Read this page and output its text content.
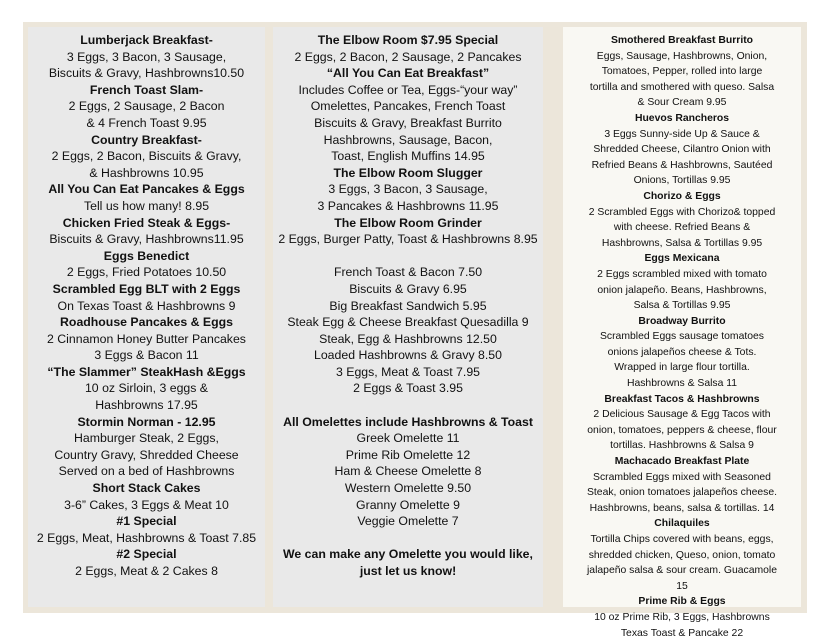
Lumberjack Breakfast-
3 Eggs, 3 Bacon, 3 Sausage,
Biscuits & Gravy, Hashbrowns10.50
French Toast Slam-
2 Eggs, 2 Sausage, 2 Bacon
& 4 French Toast 9.95
Country Breakfast-
2 Eggs, 2 Bacon, Biscuits & Gravy,
& Hashbrowns 10.95
All You Can Eat Pancakes & Eggs
Tell us how many! 8.95
Chicken Fried Steak & Eggs-
Biscuits & Gravy, Hashbrowns11.95
Eggs Benedict
2 Eggs, Fried Potatoes 10.50
Scrambled Egg BLT with 2 Eggs
On Texas Toast & Hashbrowns 9
Roadhouse Pancakes & Eggs
2 Cinnamon Honey Butter Pancakes
3 Eggs & Bacon 11
“The Slammer” SteakHash &Eggs
10 oz Sirloin, 3 eggs &
Hashbrowns 17.95
Stormin Norman - 12.95
Hamburger Steak, 2 Eggs,
Country Gravy, Shredded Cheese
Served on a bed of Hashbrowns
Short Stack Cakes
3-6” Cakes, 3 Eggs & Meat 10
#1 Special
2 Eggs, Meat, Hashbrowns & Toast 7.85
#2 Special
2 Eggs, Meat & 2 Cakes 8
The Elbow Room $7.95 Special
2 Eggs, 2 Bacon, 2 Sausage, 2 Pancakes
“All You Can Eat Breakfast”
Includes Coffee or Tea, Eggs-“your way”
Omelettes, Pancakes, French Toast
Biscuits & Gravy, Breakfast Burrito
Hashbrowns, Sausage, Bacon,
Toast, English Muffins 14.95
The Elbow Room Slugger
3 Eggs, 3 Bacon, 3 Sausage,
3 Pancakes & Hashbrowns 11.95
The Elbow Room Grinder
2 Eggs, Burger Patty, Toast & Hashbrowns 8.95
French Toast & Bacon 7.50
Biscuits & Gravy 6.95
Big Breakfast Sandwich 5.95
Steak Egg & Cheese Breakfast Quesadilla 9
Steak, Egg & Hashbrowns 12.50
Loaded Hashbrowns & Gravy 8.50
3 Eggs, Meat & Toast 7.95
2 Eggs & Toast 3.95
All Omelettes include Hashbrowns & Toast
Greek Omelette 11
Prime Rib Omelette 12
Ham & Cheese Omelette 8
Western Omelette 9.50
Granny Omelette 9
Veggie Omelette 7
We can make any Omelette you would like,
just let us know!
Smothered Breakfast Burrito
Eggs, Sausage, Hashbrowns, Onion,
Tomatoes, Pepper, rolled into large
tortilla and smothered with queso. Salsa
& Sour Cream 9.95
Huevos Rancheros
3 Eggs Sunny-side Up & Sauce &
Shredded Cheese, Cilantro Onion with
Refried Beans & Hashbrowns, Sautéed
Onions, Tortillas 9.95
Chorizo & Eggs
2 Scrambled Eggs with Chorizo& topped
with cheese. Refried Beans &
Hashbrowns, Salsa & Tortillas 9.95
Eggs Mexicana
2 Eggs scrambled mixed with tomato
onion jalapeño. Beans, Hashbrowns,
Salsa & Tortillas 9.95
Broadway Burrito
Scrambled Eggs sausage tomatoes
onions jalapeños cheese & Tots.
Wrapped in large flour tortilla.
Hashbrowns & Salsa 11
Breakfast Tacos & Hashbrowns
2 Delicious Sausage & Egg Tacos with
onion, tomatoes, peppers & cheese, flour
tortillas. Hashbrowns & Salsa 9
Machacado Breakfast Plate
Scrambled Eggs mixed with Seasoned
Steak, onion tomatoes jalapeños cheese.
Hashbrowns, beans, salsa & tortillas. 14
Chilaquiles
Tortilla Chips covered with beans, eggs,
shredded chicken, Queso, onion, tomato
jalapeño salsa & sour cream. Guacamole
15
Prime Rib & Eggs
10 oz Prime Rib, 3 Eggs, Hashbrowns
Texas Toast & Pancake 22
